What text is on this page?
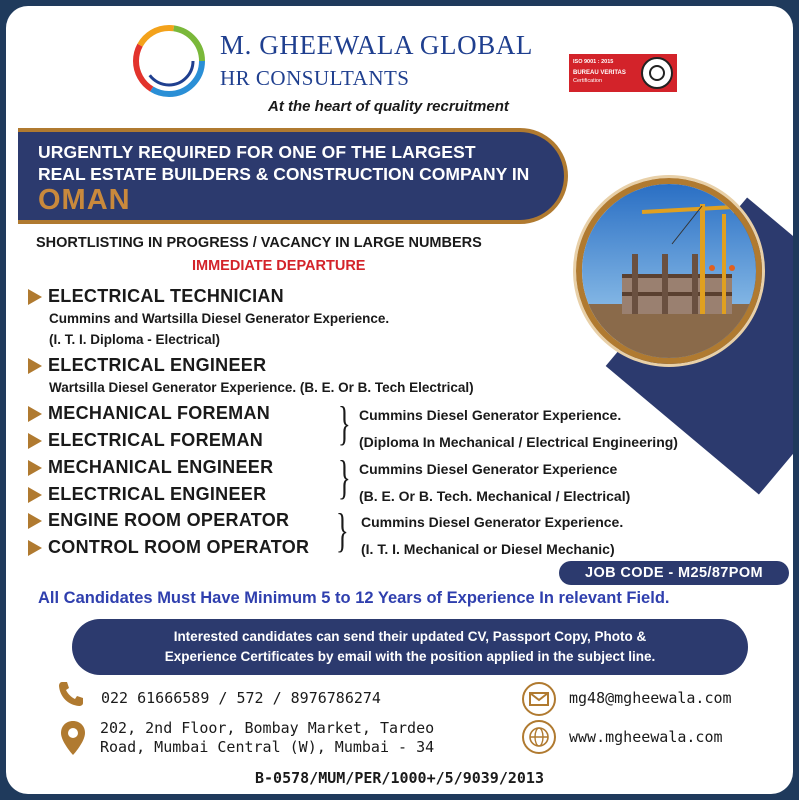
M. GHEEWALA GLOBAL
HR CONSULTANTS
At the heart of quality recruitment
ISO 9001 : 2015
BUREAU VERITAS
Certification
URGENTLY REQUIRED FOR ONE OF THE LARGEST
REAL ESTATE BUILDERS & CONSTRUCTION COMPANY IN
OMAN
SHORTLISTING IN PROGRESS / VACANCY IN LARGE NUMBERS
IMMEDIATE DEPARTURE
ELECTRICAL TECHNICIAN
Cummins and Wartsilla Diesel Generator Experience.
(I. T. I. Diploma - Electrical)
ELECTRICAL ENGINEER
Wartsilla Diesel Generator Experience. (B. E. Or B. Tech Electrical)
MECHANICAL FOREMAN
ELECTRICAL FOREMAN } Cummins Diesel Generator Experience.
(Diploma In Mechanical / Electrical Engineering)
MECHANICAL ENGINEER
ELECTRICAL ENGINEER } Cummins Diesel Generator Experience
(B. E. Or B. Tech. Mechanical / Electrical)
ENGINE ROOM OPERATOR
CONTROL ROOM OPERATOR } Cummins Diesel Generator Experience.
(I. T. I. Mechanical or Diesel Mechanic)
JOB CODE - M25/87POM
All Candidates Must Have Minimum 5 to 12 Years of Experience In relevant Field.
Interested candidates can send their updated CV, Passport Copy, Photo &
Experience Certificates by email with the position applied in the subject line.
022 61666589 / 572 / 8976786274
202, 2nd Floor, Bombay Market, Tardeo
Road, Mumbai Central (W), Mumbai - 34
mg48@mgheewala.com
www.mgheewala.com
B-0578/MUM/PER/1000+/5/9039/2013
